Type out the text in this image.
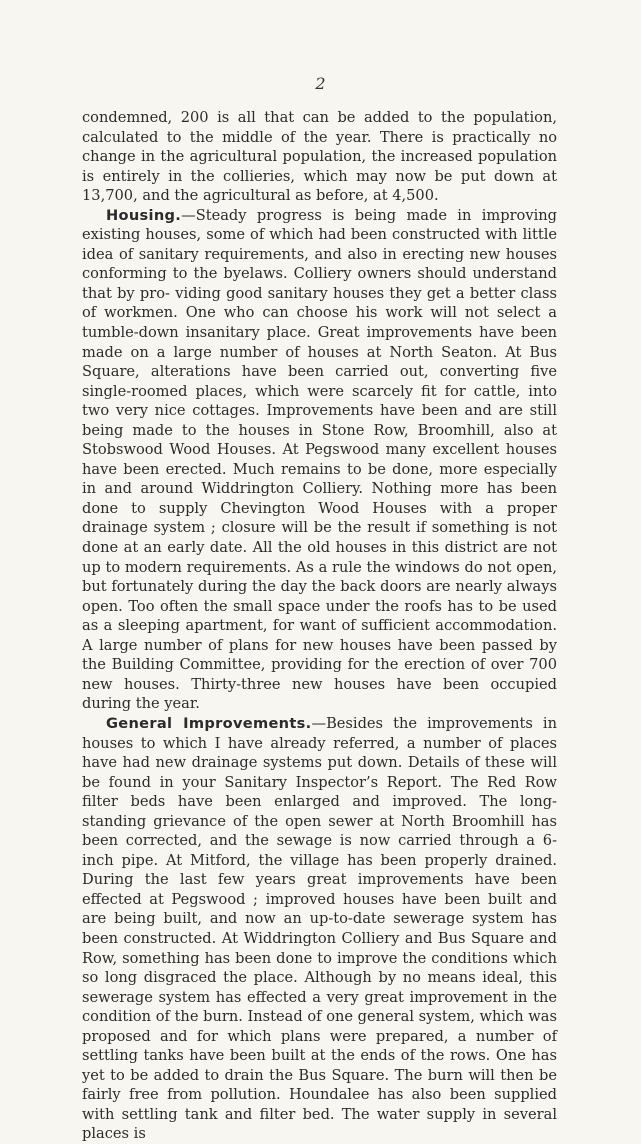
2

condemned, 200 is all that can be added to the population, calculated to the middle of the year. There is practically no change in the agricultural population, the increased population is entirely in the collieries, which may now be put down at 13,700, and the agricultural as before, at 4,500.

Housing.—Steady progress is being made in improving existing houses, some of which had been constructed with little idea of sanitary requirements, and also in erecting new houses conforming to the byelaws. Colliery owners should understand that by pro- viding good sanitary houses they get a better class of workmen. One who can choose his work will not select a tumble-down insanitary place. Great improvements have been made on a large number of houses at North Seaton. At Bus Square, alterations have been carried out, converting five single-roomed places, which were scarcely fit for cattle, into two very nice cottages. Improvements have been and are still being made to the houses in Stone Row, Broomhill, also at Stobswood Wood Houses. At Pegswood many excellent houses have been erected. Much remains to be done, more especially in and around Widdrington Colliery. Nothing more has been done to supply Chevington Wood Houses with a proper drainage system ; closure will be the result if something is not done at an early date. All the old houses in this district are not up to modern requirements. As a rule the windows do not open, but fortunately during the day the back doors are nearly always open. Too often the small space under the roofs has to be used as a sleeping apartment, for want of sufficient accommodation. A large number of plans for new houses have been passed by the Building Committee, providing for the erection of over 700 new houses. Thirty-three new houses have been occupied during the year.

General Improvements.—Besides the improvements in houses to which I have already referred, a number of places have had new drainage systems put down. Details of these will be found in your Sanitary Inspector’s Report. The Red Row filter beds have been enlarged and improved. The long-standing grievance of the open sewer at North Broomhill has been corrected, and the sewage is now carried through a 6-inch pipe. At Mitford, the village has been properly drained. During the last few years great improvements have been effected at Pegswood ; improved houses have been built and are being built, and now an up-to-date sewerage system has been constructed. At Widdrington Colliery and Bus Square and Row, something has been done to improve the conditions which so long disgraced the place. Although by no means ideal, this sewerage system has effected a very great improvement in the condition of the burn. Instead of one general system, which was proposed and for which plans were prepared, a number of settling tanks have been built at the ends of the rows. One has yet to be added to drain the Bus Square. The burn will then be fairly free from pollution. Houndalee has also been supplied with settling tank and filter bed. The water supply in several places is
